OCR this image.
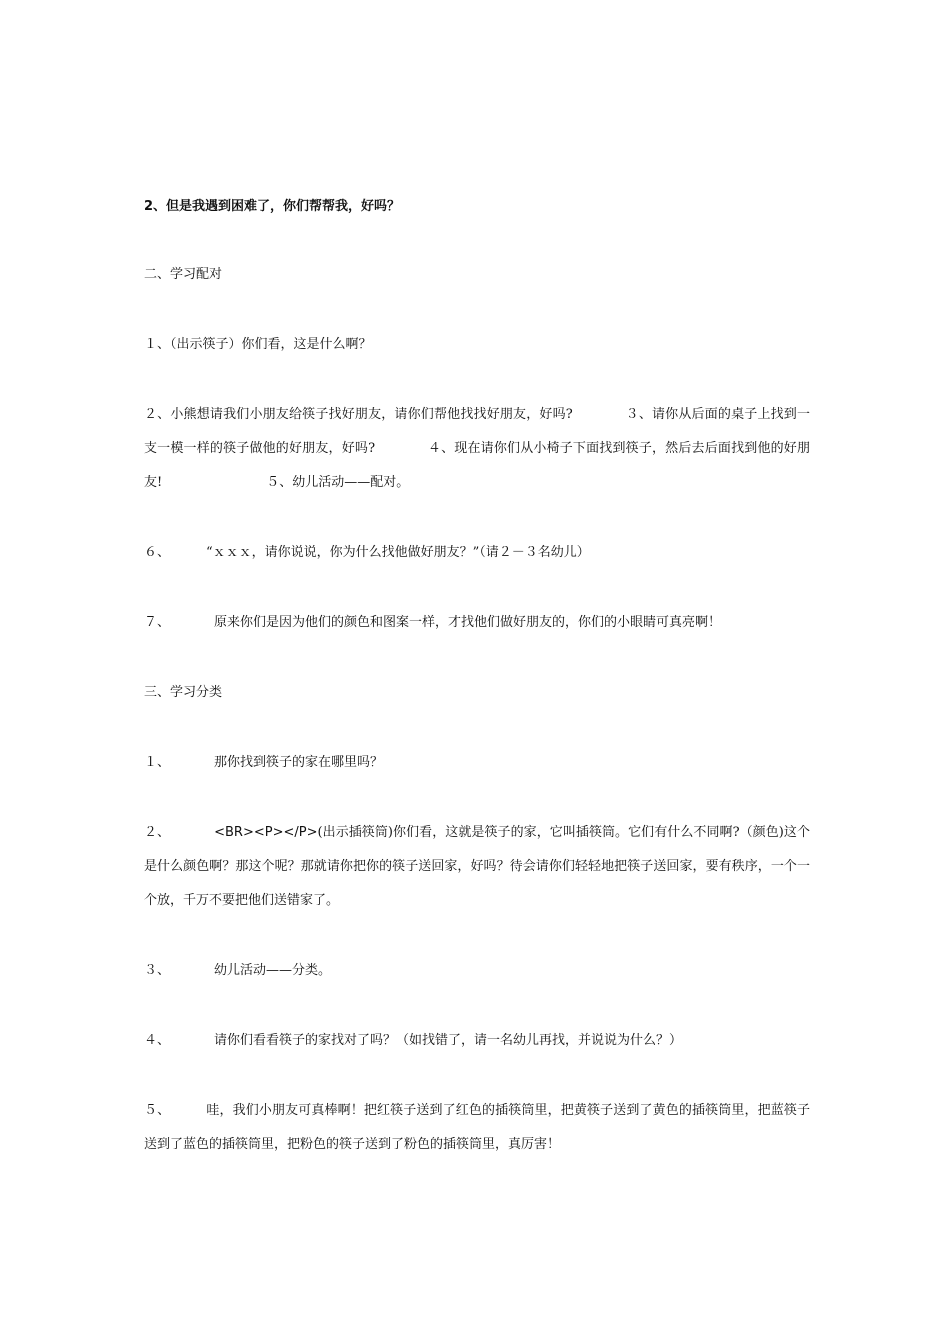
2、但是我遇到困难了，你们帮帮我，好吗？

二、学习配对

１、（出示筷子）你们看，这是什么啊？

２、小熊想请我们小朋友给筷子找好朋友，请你们帮他找找好朋友，好吗?　　　　３、请你从后面的桌子上找到一支一模一样的筷子做他的好朋友，好吗?　　　　４、现在请你们从小椅子下面找到筷子，然后去后面找到他的好朋友!　　　　　　　　５、幼儿活动——配对。

６、	“ｘｘｘ，请你说说，你为什么找他做好朋友？”（请２－３名幼儿）

７、	原来你们是因为他们的颜色和图案一样，才找他们做好朋友的，你们的小眼睛可真亮啊！

三、学习分类

１、	那你找到筷子的家在哪里吗？

２、	<BR><P></P>(出示插筷筒)你们看，这就是筷子的家，它叫插筷筒。它们有什么不同啊?（颜色)这个是什么颜色啊？那这个呢？那就请你把你的筷子送回家，好吗？待会请你们轻轻地把筷子送回家，要有秩序，一个一个放，千万不要把他们送错家了。

３、	幼儿活动——分类。

４、	请你们看看筷子的家找对了吗？（如找错了，请一名幼儿再找，并说说为什么？）

５、	哇，我们小朋友可真棒啊！把红筷子送到了红色的插筷筒里，把黄筷子送到了黄色的插筷筒里，把蓝筷子送到了蓝色的插筷筒里，把粉色的筷子送到了粉色的插筷筒里，真厉害！
